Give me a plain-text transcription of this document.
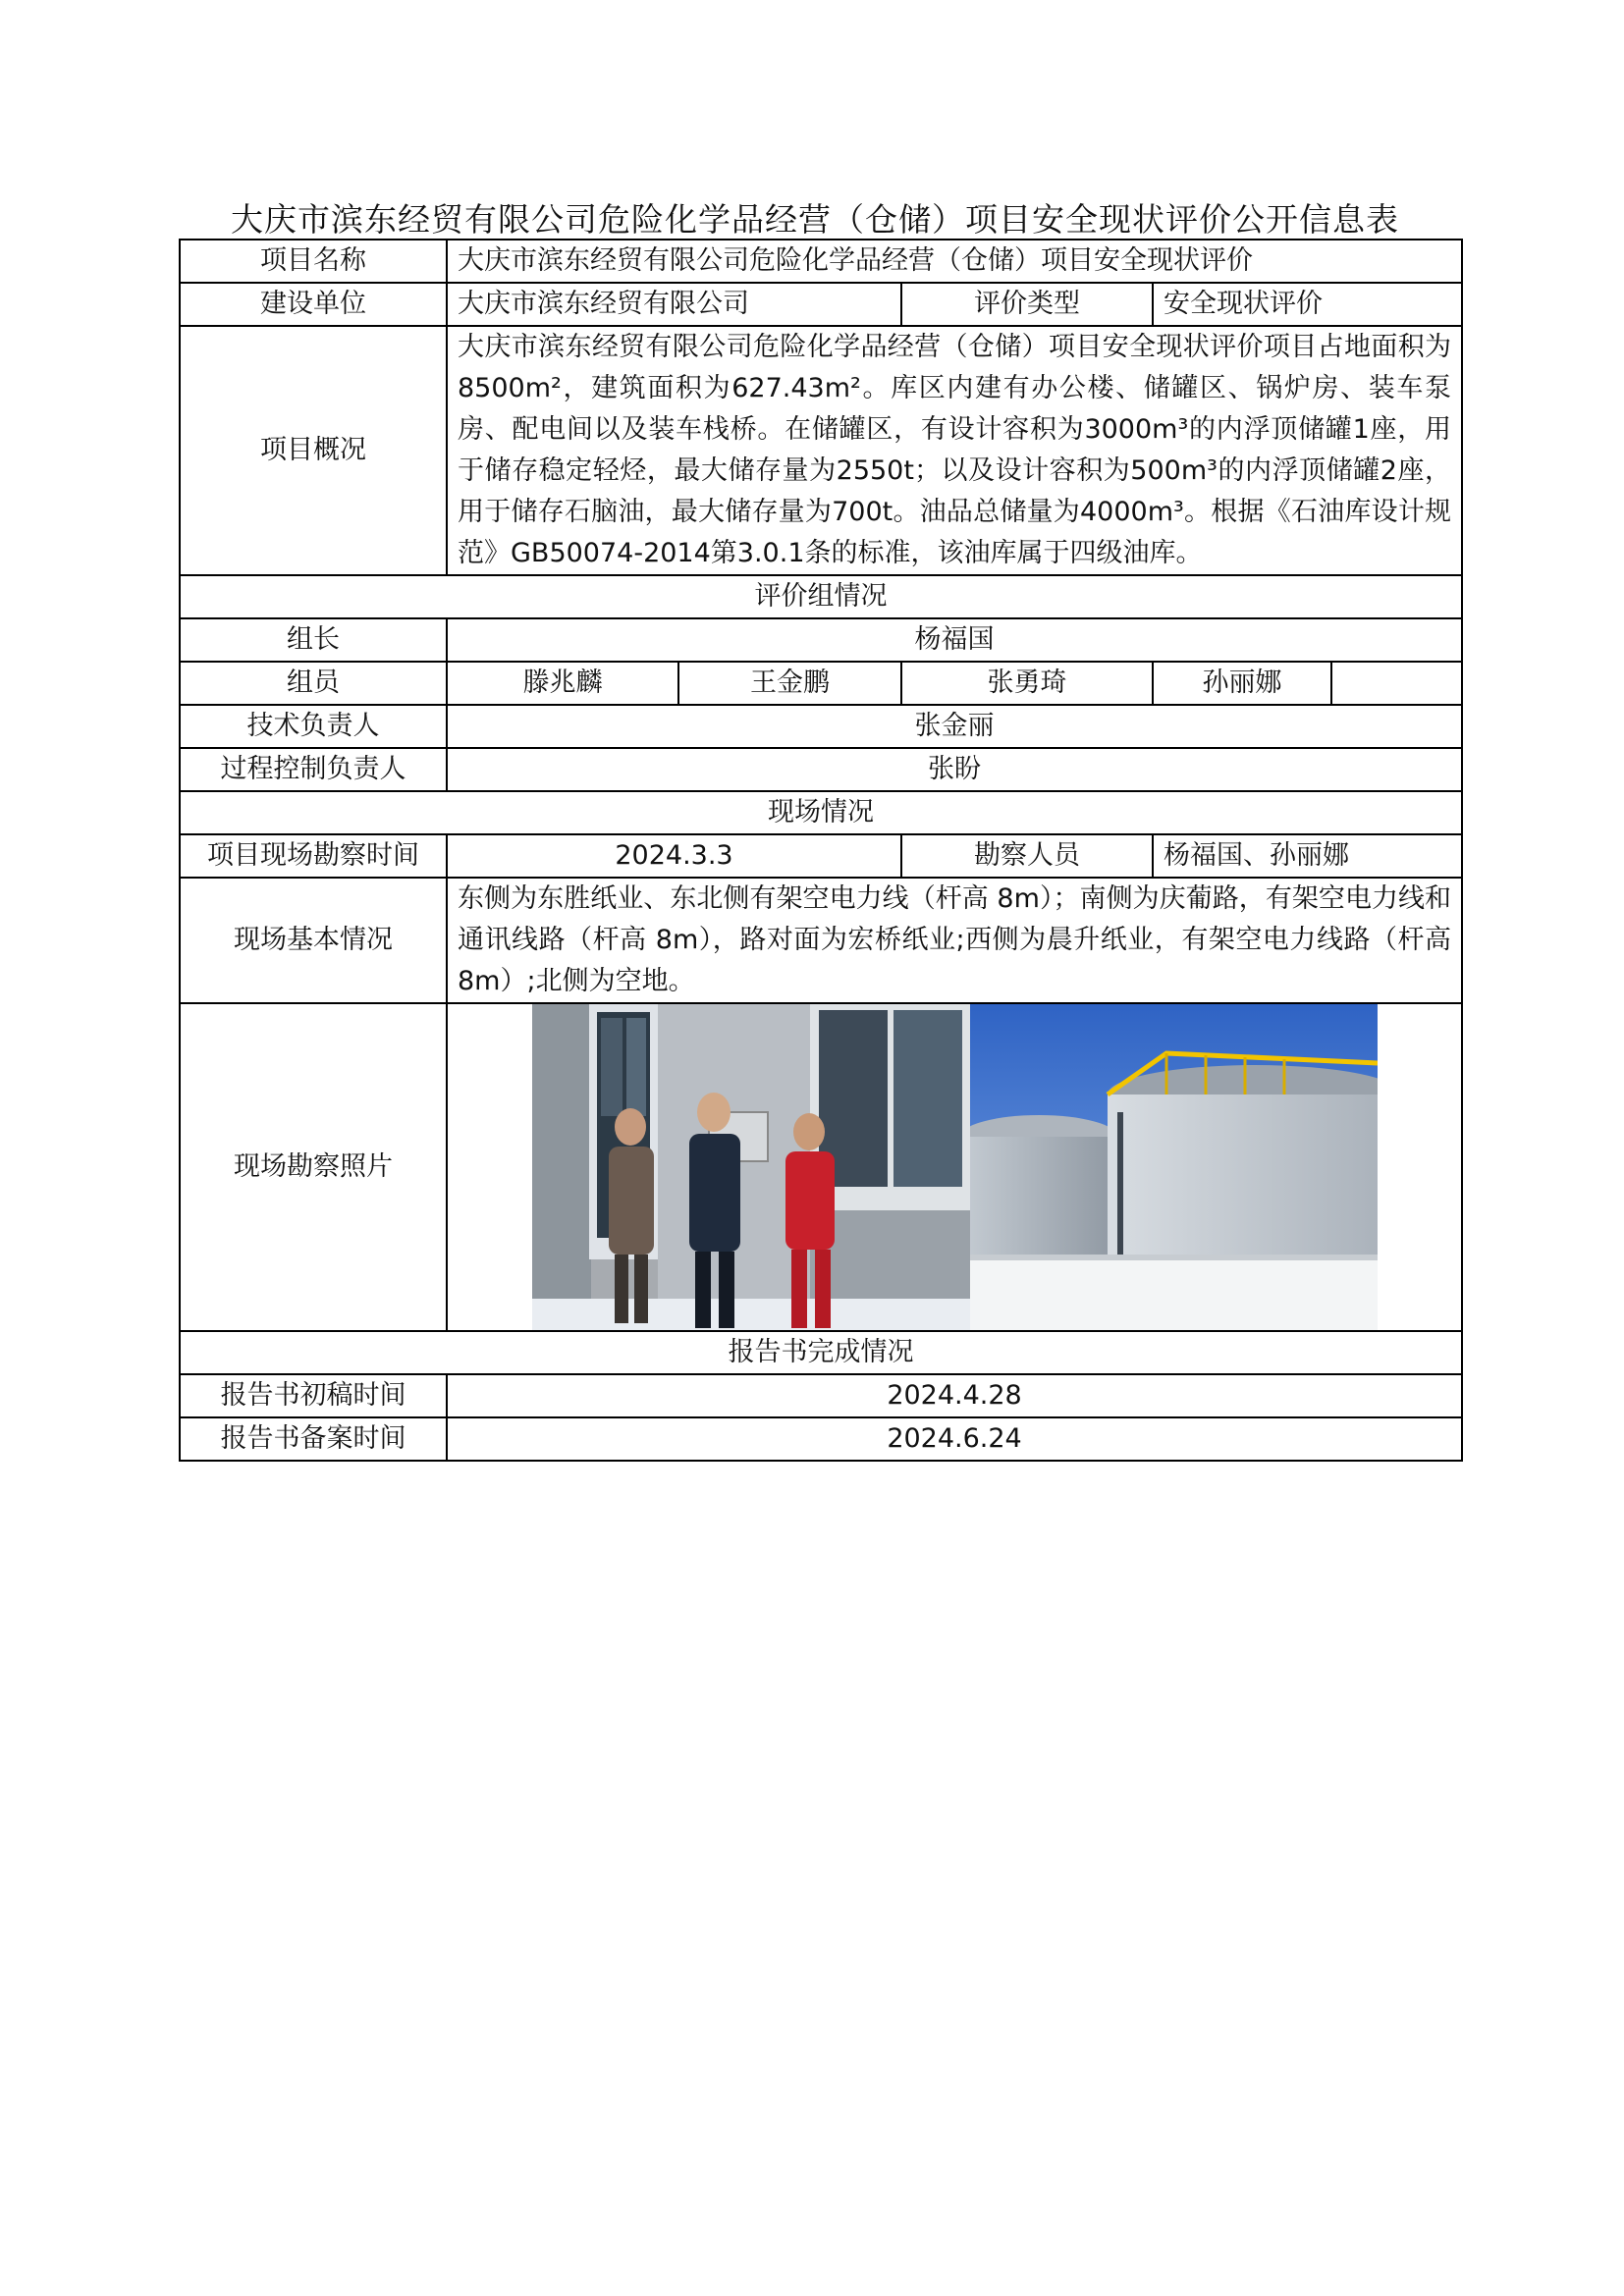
大庆市滨东经贸有限公司危险化学品经营（仓储）项目安全现状评价公开信息表
项目名称	大庆市滨东经贸有限公司危险化学品经营（仓储）项目安全现状评价			
建设单位	大庆市滨东经贸有限公司		评价类型	安全现状评价
项目概况	大庆市滨东经贸有限公司危险化学品经营（仓储）项目安全现状评价项目占地面积为8500m²，建筑面积为627.43m²。库区内建有办公楼、储罐区、锅炉房、装车泵房、配电间以及装车栈桥。在储罐区，有设计容积为3000m³的内浮顶储罐1座，用于储存稳定轻烃，最大储存量为2550t；以及设计容积为500m³的内浮顶储罐2座，用于储存石脑油，最大储存量为700t。油品总储量为4000m³。根据《石油库设计规范》GB50074-2014第3.0.1条的标准，该油库属于四级油库。			
评价组情况				
组长	杨福国			
组员	滕兆麟	王金鹏	张勇琦	孙丽娜

技术负责人	张金丽			
过程控制负责人	张盼			
现场情况				
项目现场勘察时间	2024.3.3		勘察人员	杨福国、孙丽娜
现场基本情况	东侧为东胜纸业、东北侧有架空电力线（杆高 8m）；南侧为庆葡路，有架空电力线和通讯线路（杆高 8m），路对面为宏桥纸业;西侧为晨升纸业，有架空电力线路（杆高 8m）;北侧为空地。			
现场勘察照片	

报告书完成情况				
报告书初稿时间	2024.4.28			
报告书备案时间	2024.6.24			
